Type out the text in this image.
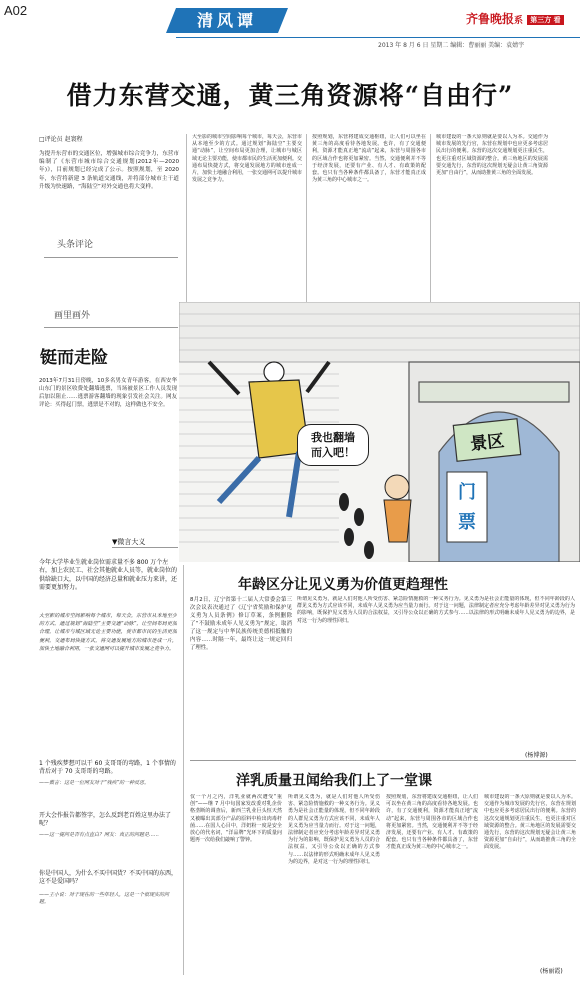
A02
清风谭	齐鲁晚报系 第三方 看
2013 年 8 月 6 日 星期二 编辑：曹丽丽 美编：袁婧宇
借力东营交通，黄三角资源将“自由行”
□评论员 赵寰程
为提升东营市的交通区位，增强城市综合竞争力，东营市编制了《东营市城市综合交通规划(2012年—2020年)》，目前规划已经完成了公示。按照规划，至 2020 年，东营将新建 3 条轨道交通线，并将部分城市主干道升级为快速路，“海陆空”对外交通也将大变样。
头条评论
大至影的城市空间影响每个城市，每天会，东营市从本地至少的方式。通过规划“海陆空”主要交通“动脉”，让空间布局更加合理，让城市与城区域无论主要功能，使市都市民的生活更加便利。交通布局快捷方式，将交通发展地方的城市连成一片，加快土地融合利用，一张交通网可以提升城市发展之竞争力。
按照规划，东营将建成交通枢纽，让人们可以坐在黄三角的高度看待各地发展。也许，有了交通便利，资源才能真正地“流动”起来，东营与周围各市的区域合作也将更加紧密。当然，交通便利并不等于经济发展，还要有产业、有人才、有政策的配套。也只有当各种条件都具备了，东营才能真正成为黄三角的中心城市之一。
城市建设的一条大原则就是要以人为本。交通作为城市发展的先行官，东营在规划中也应更多考虑居民出行的便利。东营的这次交通规划更注重民生，也更注重对区域资源的整合。黄三角地区的发展需要交通先行，东营的这次规划无疑会让黄三角资源更加“自由行”，从而助推黄三角的全面发展。
画里画外
铤而走险
2013年7月31日傍晚，10多名男女青年游客，在西安华山东门的景区收费处翻墙逃票，当场被景区工作人员发现后加以阻止……逃票游客翻墙的现象引发社会关注。网友评论：买得起门票，逃票是不对的，这样做也不安全。
景区
门
票
我也翻墙
而入吧！
▼微言大义
今年大学毕业生就业岗位需求量不多 800 万个左右，加上农民工、社会其他就业人员等，就业岗位的供给缺口大，以中国的经济总量和就业压力来讲，还需要更加努力。
大至影的城市空间影响每个城市，每天会，东营市从本地至少的方式。通过规划“海陆空”主要交通“动脉”，让空间布局更加合理，让城市与城区域无论主要功能，使市都市民的生活更加便利。交通布局快捷方式，将交通发展地方的城市连成一片，加快土地融合利用，一张交通网可以提升城市发展之竞争力。
1 个残疾梦想可以干 60 支哥哥的弯路，1 个事情的背后对于 70 支哥哥的弯路。
——微言：这是一位网友对于“残疾”的一种反思。
开大会作报告都签字，怎么反到老百姓这里办法了呢？
——这一提问是否有点直白？网友：真正的问题是……
你是中国人，为什么不买中国货？不买中国的东西，这不是爱国吗？
——王小说：对于现在的一些年轻人，这是一个很现实的问题。
年龄区分让见义勇为价值更趋理性
8月2日，辽宁省第十二届人大常委会第三次会议表决通过了《辽宁省奖励和保护见义勇为人员条例》修订草案，条例删除了“不鼓励未成年人见义勇为”规定，取消了这一规定与中华民族传统美德相抵触的内容……时隔一年，最终让这一规定回归了理性。
所谓见义勇为，就是人们对他人所受伤害、紧急险情施救的一种义务行为。见义勇为是社会正能量的体现，但不同年龄段的人群见义勇为方式应该不同，未成年人见义勇为应当量力而行。对于这一问题，法律制定者应充分考虑年龄差异对见义勇为行为的影响，既保护见义勇为人员的合法权益，又引导公众以正确的方式参与……以法律的形式明确未成年人见义勇为的边界，是对这一行为的理性回归。
(杨博源)
洋乳质量丑闻给我们上了一堂课
仅一个月之内，洋乳业就两次遭受“重创”——继 7 月中旬国家发改委对乳企价格垄断的调查后，新西兰乳业巨头恒天然又被曝出其部分产品的原料中检出肉毒杆菌……在国人心目中，洋奶粉一度是安全放心的代名词，“洋品牌”光环下的质量问题再一次给我们敲响了警钟。
所谓见义勇为，就是人们对他人所受伤害、紧急险情施救的一种义务行为。见义勇为是社会正能量的体现，但不同年龄段的人群见义勇为方式应该不同，未成年人见义勇为应当量力而行。对于这一问题，法律制定者应充分考虑年龄差异对见义勇为行为的影响，既保护见义勇为人员的合法权益，又引导公众以正确的方式参与……以法律的形式明确未成年人见义勇为的边界，是对这一行为的理性回归。
按照规划，东营将建成交通枢纽，让人们可以坐在黄三角的高度看待各地发展。也许，有了交通便利，资源才能真正地“流动”起来，东营与周围各市的区域合作也将更加紧密。当然，交通便利并不等于经济发展，还要有产业、有人才、有政策的配套。也只有当各种条件都具备了，东营才能真正成为黄三角的中心城市之一。
城市建设的一条大原则就是要以人为本。交通作为城市发展的先行官，东营在规划中也应更多考虑居民出行的便利。东营的这次交通规划更注重民生，也更注重对区域资源的整合。黄三角地区的发展需要交通先行，东营的这次规划无疑会让黄三角资源更加“自由行”，从而助推黄三角的全面发展。
(杨丽霞)
